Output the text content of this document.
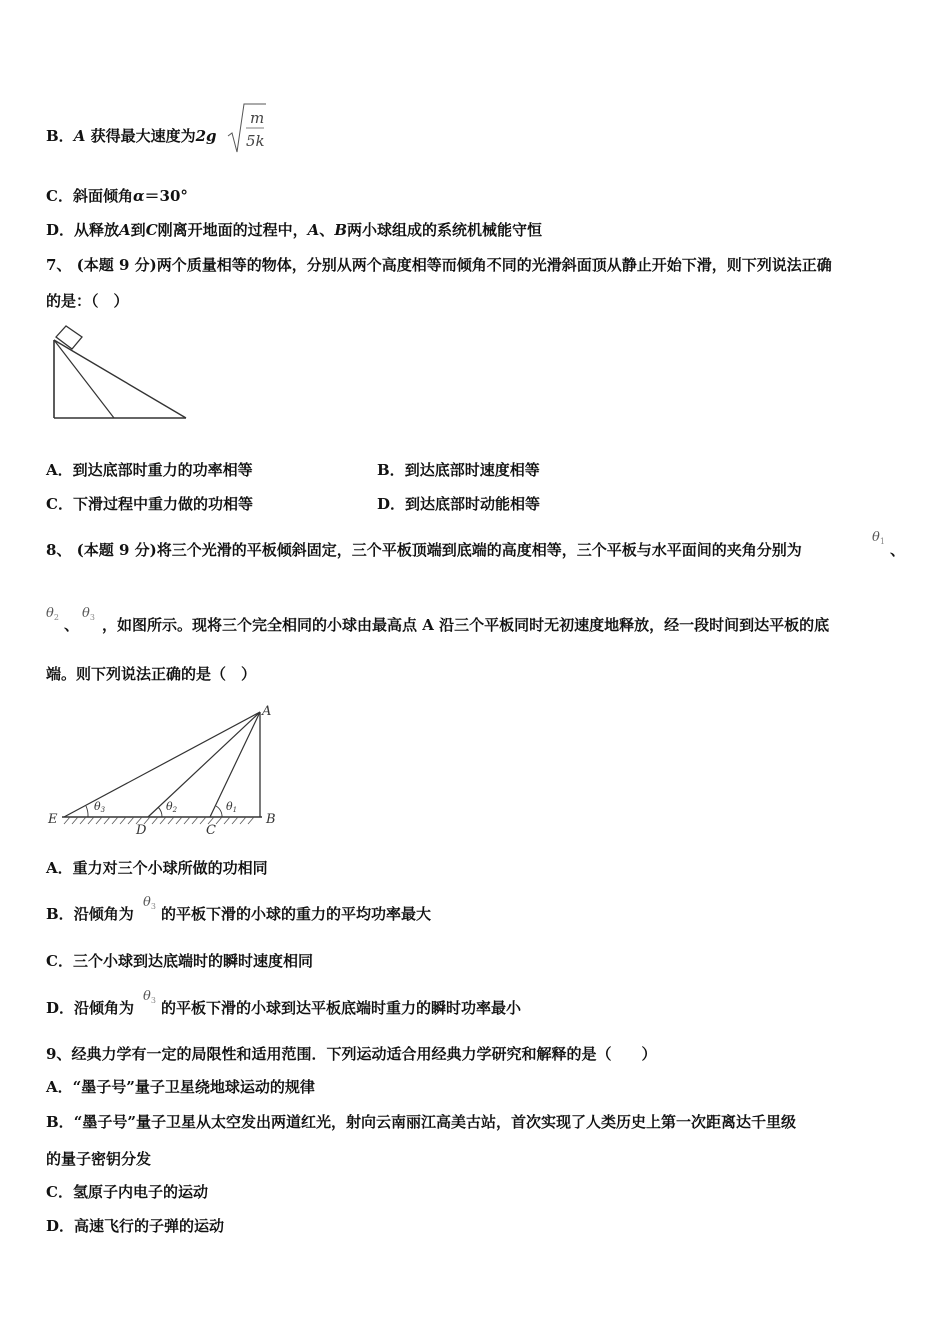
B．A 获得最大速度为2g
m
5k
C．斜面倾角α＝30°
D．从释放A到C刚离开地面的过程中，A、B两小球组成的系统机械能守恒
7、 (本题 9 分)两个质量相等的物体，分别从两个高度相等而倾角不同的光滑斜面顶从静止开始下滑，则下列说法正确
的是：（　）
A．到达底部时重力的功率相等	B．到达底部时速度相等
C．下滑过程中重力做的功相等	D．到达底部时动能相等
8、 (本题 9 分)将三个光滑的平板倾斜固定，三个平板顶端到底端的高度相等，三个平板与水平面间的夹角分别为
$\theta_1$ 、
$\theta_2$ 、
$\theta_3$ ，如图所示。现将三个完全相同的小球由最高点 A 沿三个平板同时无初速度地释放，经一段时间到达平板的底
端。则下列说法正确的是（　）
A
B
C
D
E
θ3	θ2	θ1
A．重力对三个小球所做的功相同
B．沿倾角为
$\theta_3$ 的平板下滑的小球的重力的平均功率最大
C．三个小球到达底端时的瞬时速度相同
D．沿倾角为
$\theta_3$ 的平板下滑的小球到达平板底端时重力的瞬时功率最小
9、经典力学有一定的局限性和适用范围．下列运动适合用经典力学研究和解释的是（　　）
A．“墨子号”量子卫星绕地球运动的规律
B．“墨子号”量子卫星从太空发出两道红光，射向云南丽江高美古站，首次实现了人类历史上第一次距离达千里级
的量子密钥分发
C．氢原子内电子的运动
D．高速飞行的子弹的运动
